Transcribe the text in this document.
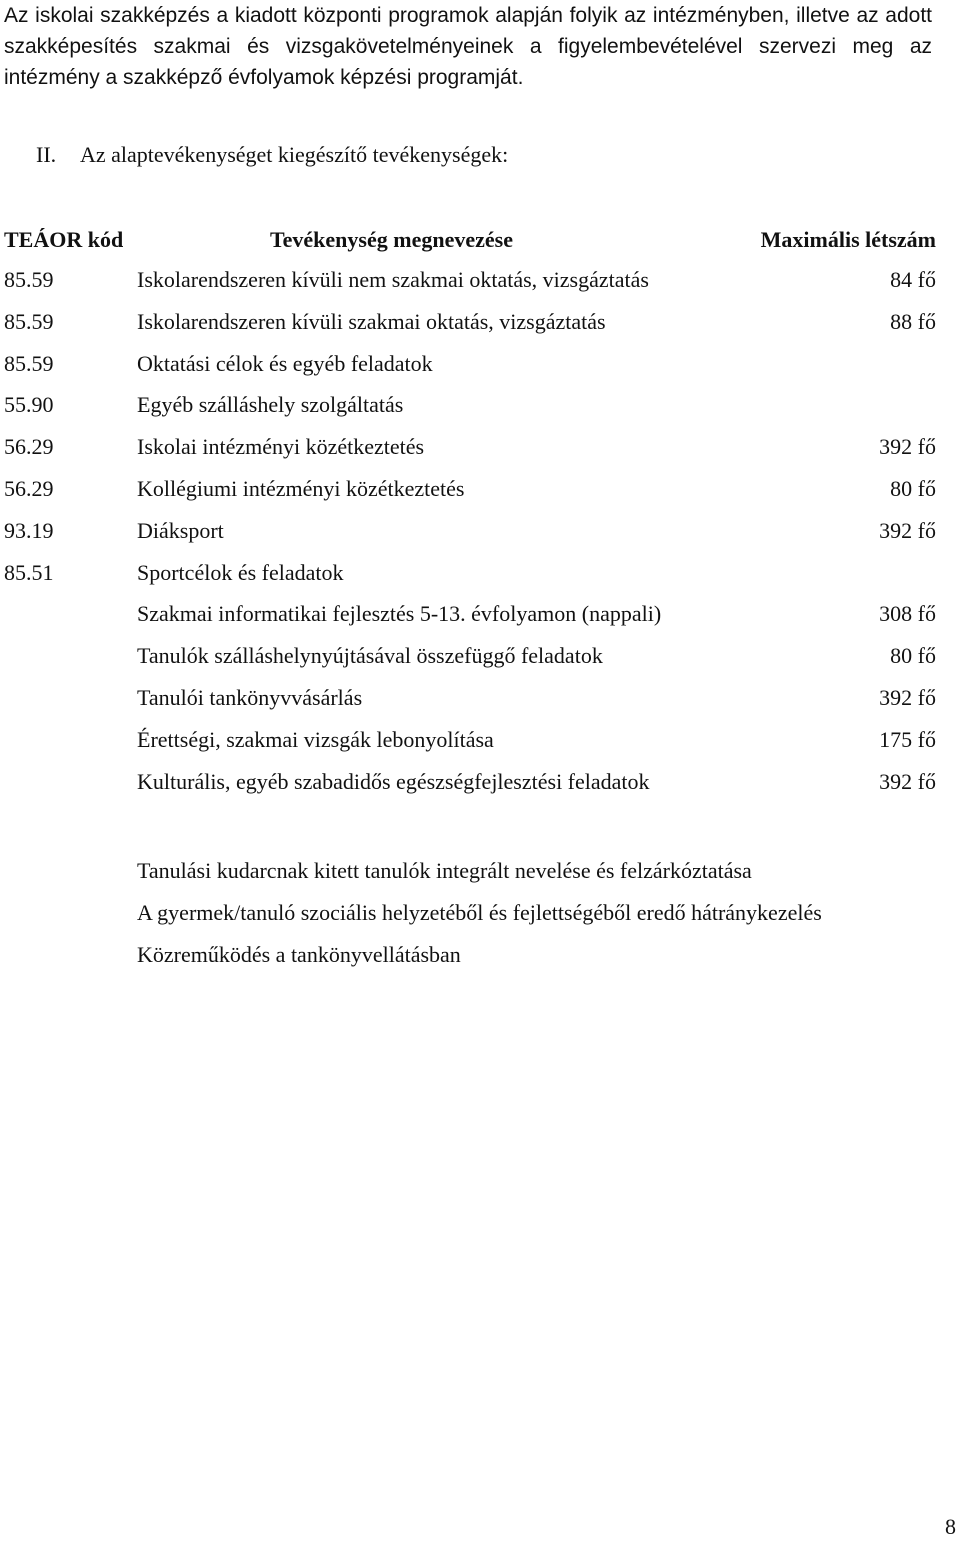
Az iskolai szakképzés a kiadott központi programok alapján folyik az intézményben, illetve az adott szakképesítés szakmai és vizsgakövetelményeinek a figyelembevételével szervezi meg az intézmény a szakképző évfolyamok képzési programját.
II. Az alaptevékenységet kiegészítő tevékenységek:
TEÁOR kód	Tevékenység megnevezése	Maximális létszám
85.59	Iskolarendszeren kívüli nem szakmai oktatás, vizsgáztatás	84 fő
85.59	Iskolarendszeren kívüli szakmai oktatás, vizsgáztatás	88 fő
85.59	Oktatási célok és egyéb feladatok
55.90	Egyéb szálláshely szolgáltatás
56.29	Iskolai intézményi közétkeztetés	392 fő
56.29	Kollégiumi intézményi közétkeztetés	80 fő
93.19	Diáksport	392 fő
85.51	Sportcélok és feladatok
Szakmai informatikai fejlesztés 5-13. évfolyamon (nappali)	308 fő
Tanulók szálláshelynyújtásával összefüggő feladatok	80 fő
Tanulói tankönyvvásárlás	392 fő
Érettségi, szakmai vizsgák lebonyolítása	175 fő
Kulturális, egyéb szabadidős egészségfejlesztési feladatok	392 fő
Tanulási kudarcnak kitett tanulók integrált nevelése és felzárkóztatása
A gyermek/tanuló szociális helyzetéből és fejlettségéből eredő hátránykezelés
Közreműködés a tankönyvellátásban
8
